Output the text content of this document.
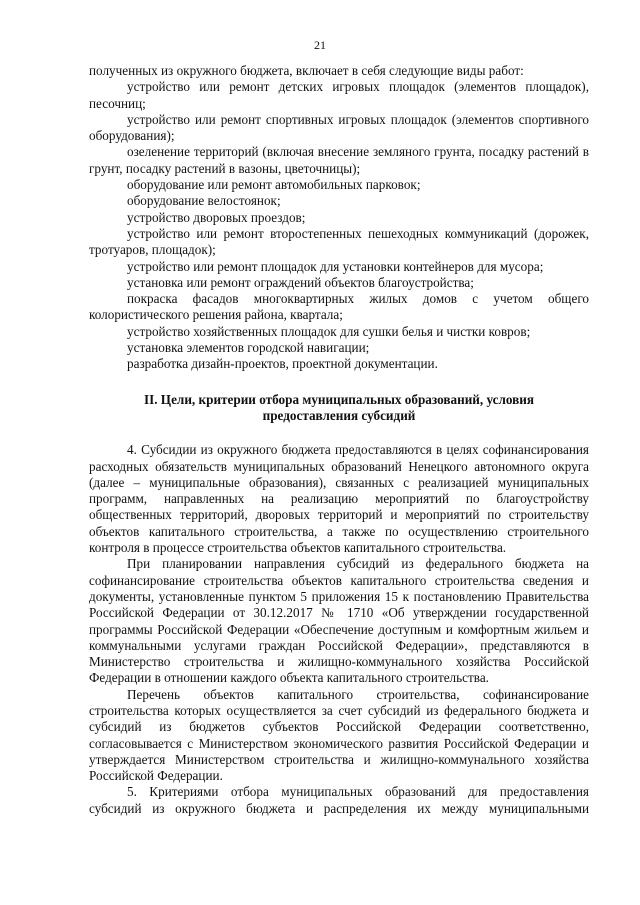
21

полученных из окружного бюджета, включает в себя следующие виды работ:

устройство или ремонт детских игровых площадок (элементов площадок), песочниц;

устройство или ремонт спортивных игровых площадок (элементов спортивного оборудования);

озеленение территорий (включая внесение земляного грунта, посадку растений в грунт, посадку растений в вазоны, цветочницы);

оборудование или ремонт автомобильных парковок;

оборудование велостоянок;

устройство дворовых проездов;

устройство или ремонт второстепенных пешеходных коммуникаций (дорожек, тротуаров, площадок);

устройство или ремонт площадок для установки контейнеров для мусора;

установка или ремонт ограждений объектов благоустройства;

покраска фасадов многоквартирных жилых домов с учетом общего колористического решения района, квартала;

устройство хозяйственных площадок для сушки белья и чистки ковров;

установка элементов городской навигации;

разработка дизайн-проектов, проектной документации.

II. Цели, критерии отбора муниципальных образований, условия
предоставления субсидий

4. Субсидии из окружного бюджета предоставляются в целях софинансирования расходных обязательств муниципальных образований Ненецкого автономного округа (далее – муниципальные образования), связанных с реализацией муниципальных программ, направленных на реализацию мероприятий по благоустройству общественных территорий, дворовых территорий и мероприятий по строительству объектов капитального строительства, а также по осуществлению строительного контроля в процессе строительства объектов капитального строительства.

При планировании направления субсидий из федерального бюджета на софинансирование строительства объектов капитального строительства сведения и документы, установленные пунктом 5 приложения 15 к постановлению Правительства Российской Федерации от 30.12.2017 № 1710 «Об утверждении государственной программы Российской Федерации «Обеспечение доступным и комфортным жильем и коммунальными услугами граждан Российской Федерации», представляются в Министерство строительства и жилищно-коммунального хозяйства Российской Федерации в отношении каждого объекта капитального строительства.

Перечень объектов капитального строительства, софинансирование строительства которых осуществляется за счет субсидий из федерального бюджета и субсидий из бюджетов субъектов Российской Федерации соответственно, согласовывается с Министерством экономического развития Российской Федерации и утверждается Министерством строительства и жилищно-коммунального хозяйства Российской Федерации.

5. Критериями отбора муниципальных образований для предоставления субсидий из окружного бюджета и распределения их между муниципальными
